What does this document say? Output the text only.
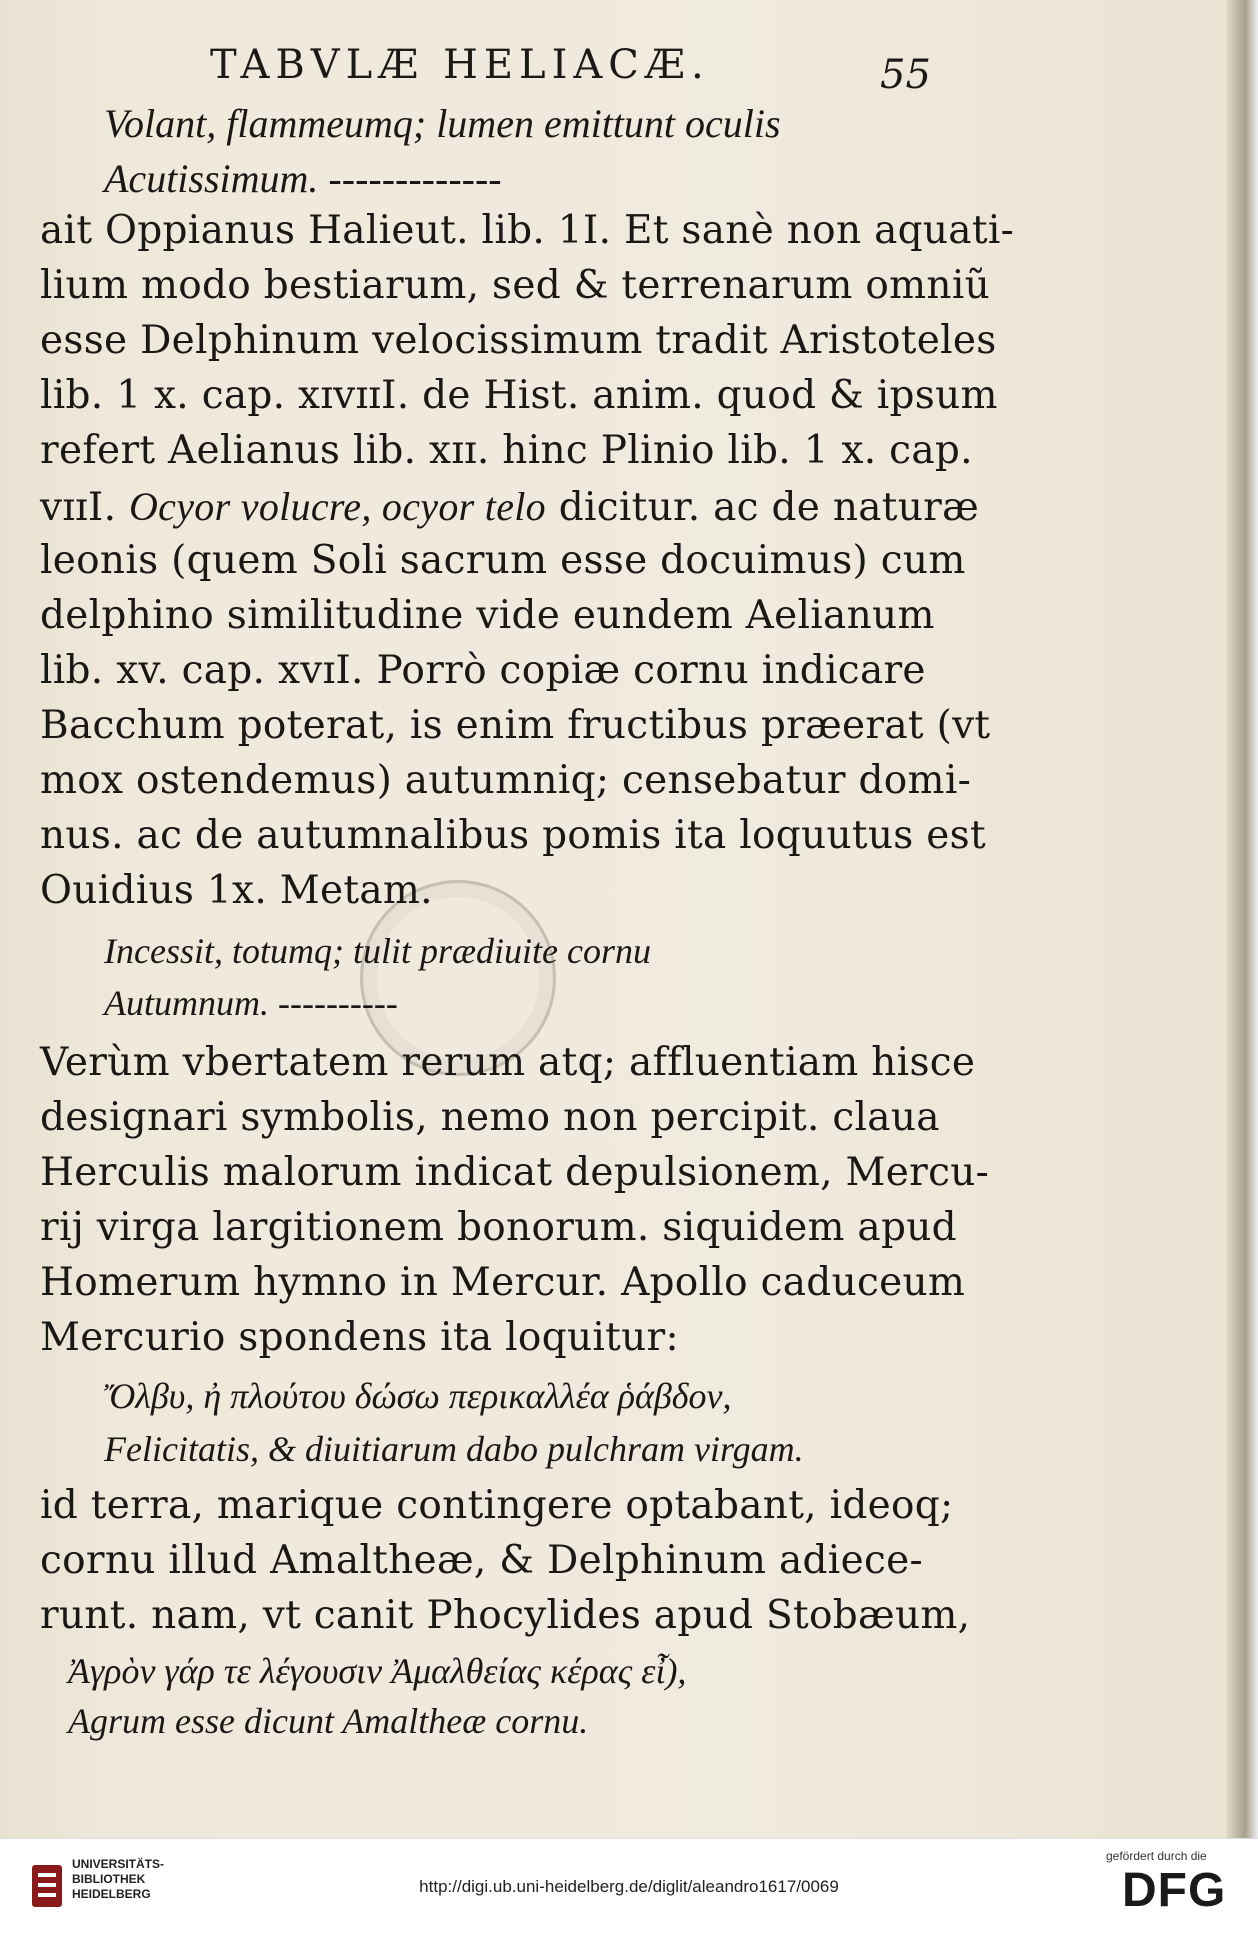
TABVLÆ HELIACÆ.	55
Volant, flammeumq; lumen emittunt oculis
Acutissimum. -------------
ait Oppianus Halieut. lib. 1I. Et sanè non aquati-
lium modo bestiarum, sed & terrenarum omniũ
esse Delphinum velocissimum tradit Aristoteles
lib. 1 x. cap. xɪvɪɪI. de Hist. anim. quod & ipsum
refert Aelianus lib. xɪɪ. hinc Plinio lib. 1 x. cap.
vɪɪI. Ocyor volucre, ocyor telo dicitur. ac de naturæ
leonis (quem Soli sacrum esse docuimus) cum
delphino similitudine vide eundem Aelianum
lib. xv. cap. xvɪI. Porrò copiæ cornu indicare
Bacchum poterat, is enim fructibus præerat (vt
mox ostendemus) autumniq; censebatur domi-
nus. ac de autumnalibus pomis ita loquutus est
Ouidius 1x. Metam.
Incessit, totumq; tulit prædiuite cornu
Autumnum. ----------
Verùm vbertatem rerum atq; affluentiam hisce
designari symbolis, nemo non percipit. claua
Herculis malorum indicat depulsionem, Mercu-
rij virga largitionem bonorum. siquidem apud
Homerum hymno in Mercur. Apollo caduceum
Mercurio spondens ita loquitur:
Ὄλβυ, ἠ πλούτου δώσω περικαλλέα ῥάβδον,
Felicitatis, & diuitiarum dabo pulchram virgam.
id terra, marique contingere optabant, ideoq;
cornu illud Amaltheæ, & Delphinum adiece-
runt. nam, vt canit Phocylides apud Stobæum,
Ἀγρὸν γάρ τε λέγουσιν Ἀμαλθείας κέρας εἶ),
Agrum esse dicunt Amaltheæ cornu.
UNIVERSITÄTS-
BIBLIOTHEK
HEIDELBERG	http://digi.ub.uni-heidelberg.de/diglit/aleandro1617/0069
gefördert durch die
DFG
